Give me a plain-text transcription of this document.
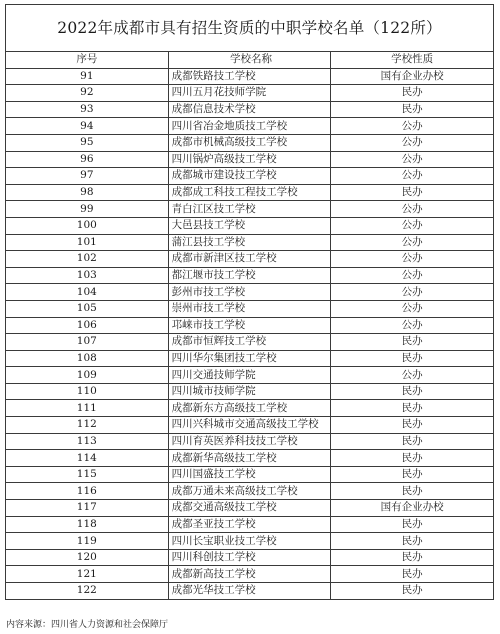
2022年成都市具有招生资质的中职学校名单（122所）		
序号	学校名称	学校性质
91	成都铁路技工学校	国有企业办校
92	四川五月花技师学院	民办
93	成都信息技术学校	民办
94	四川省冶金地质技工学校	公办
95	成都市机械高级技工学校	公办
96	四川锅炉高级技工学校	公办
97	成都城市建设技工学校	公办
98	成都成工科技工程技工学校	民办
99	青白江区技工学校	公办
100	大邑县技工学校	公办
101	蒲江县技工学校	公办
102	成都市新津区技工学校	公办
103	都江堰市技工学校	公办
104	彭州市技工学校	公办
105	崇州市技工学校	公办
106	邛崃市技工学校	公办
107	成都市恒辉技工学校	民办
108	四川华尔集团技工学校	民办
109	四川交通技师学院	公办
110	四川城市技师学院	民办
111	成都新东方高级技工学校	民办
112	四川兴科城市交通高级技工学校	民办
113	四川育英医养科技技工学校	民办
114	成都新华高级技工学校	民办
115	四川国盛技工学校	民办
116	成都万通未来高级技工学校	民办
117	成都交通高级技工学校	国有企业办校
118	成都圣亚技工学校	民办
119	四川长宝职业技工学校	民办
120	四川科创技工学校	民办
121	成都新高技工学校	民办
122	成都光华技工学校	民办
内容来源：四川省人力资源和社会保障厅
